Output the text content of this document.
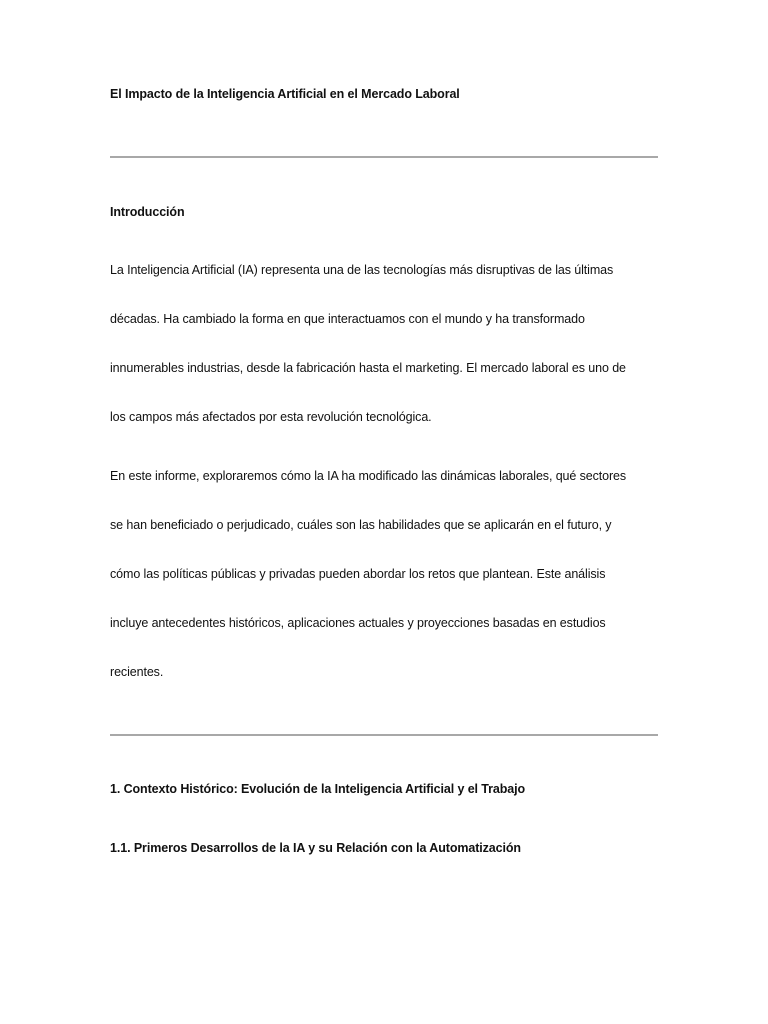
El Impacto de la Inteligencia Artificial en el Mercado Laboral

Introducción

La Inteligencia Artificial (IA) representa una de las tecnologías más disruptivas de las últimas

décadas. Ha cambiado la forma en que interactuamos con el mundo y ha transformado

innumerables industrias, desde la fabricación hasta el marketing. El mercado laboral es uno de

los campos más afectados por esta revolución tecnológica.

En este informe, exploraremos cómo la IA ha modificado las dinámicas laborales, qué sectores

se han beneficiado o perjudicado, cuáles son las habilidades que se aplicarán en el futuro, y

cómo las políticas públicas y privadas pueden abordar los retos que plantean. Este análisis

incluye antecedentes históricos, aplicaciones actuales y proyecciones basadas en estudios

recientes.

1. Contexto Histórico: Evolución de la Inteligencia Artificial y el Trabajo

1.1. Primeros Desarrollos de la IA y su Relación con la Automatización
